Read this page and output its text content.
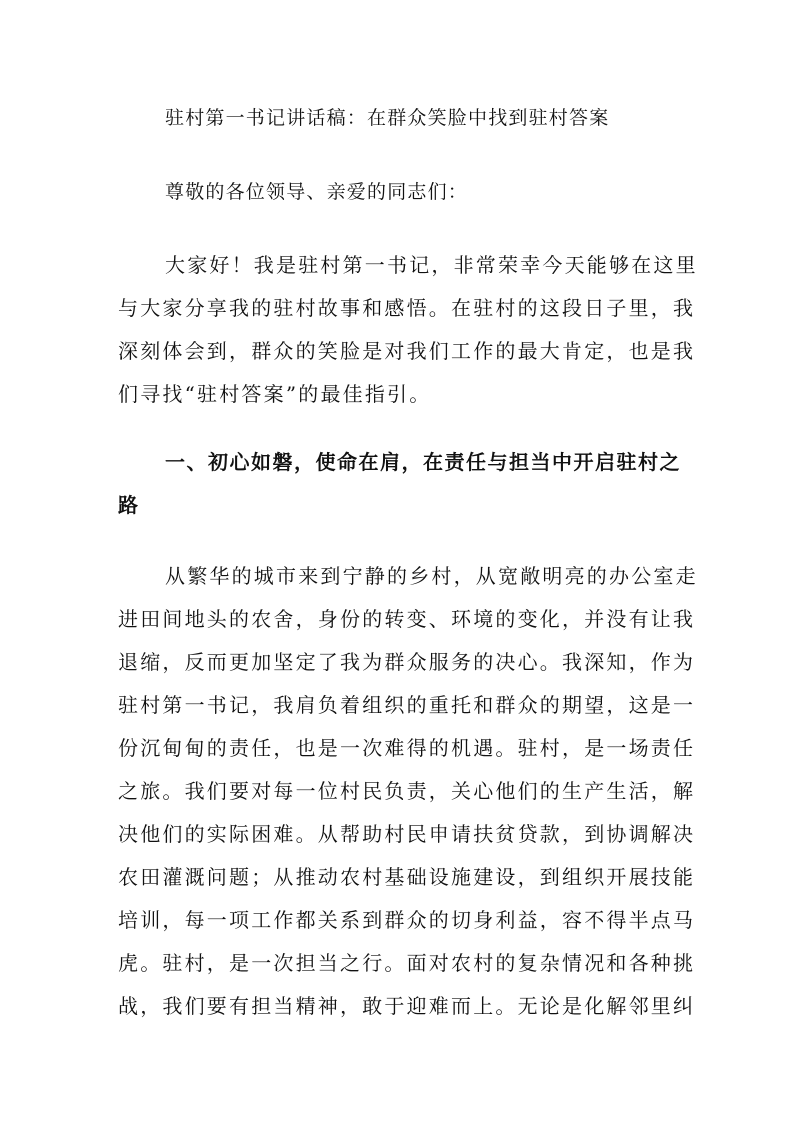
驻村第一书记讲话稿：在群众笑脸中找到驻村答案
尊敬的各位领导、亲爱的同志们：
大家好！我是驻村第一书记，非常荣幸今天能够在这里
与大家分享我的驻村故事和感悟。在驻村的这段日子里，我
深刻体会到，群众的笑脸是对我们工作的最大肯定，也是我
们寻找“驻村答案”的最佳指引。
一、初心如磐，使命在肩，在责任与担当中开启驻村之
路
从繁华的城市来到宁静的乡村，从宽敞明亮的办公室走
进田间地头的农舍，身份的转变、环境的变化，并没有让我
退缩，反而更加坚定了我为群众服务的决心。我深知，作为
驻村第一书记，我肩负着组织的重托和群众的期望，这是一
份沉甸甸的责任，也是一次难得的机遇。驻村，是一场责任
之旅。我们要对每一位村民负责，关心他们的生产生活，解
决他们的实际困难。从帮助村民申请扶贫贷款，到协调解决
农田灌溉问题；从推动农村基础设施建设，到组织开展技能
培训，每一项工作都关系到群众的切身利益，容不得半点马
虎。驻村，是一次担当之行。面对农村的复杂情况和各种挑
战，我们要有担当精神，敢于迎难而上。无论是化解邻里纠
